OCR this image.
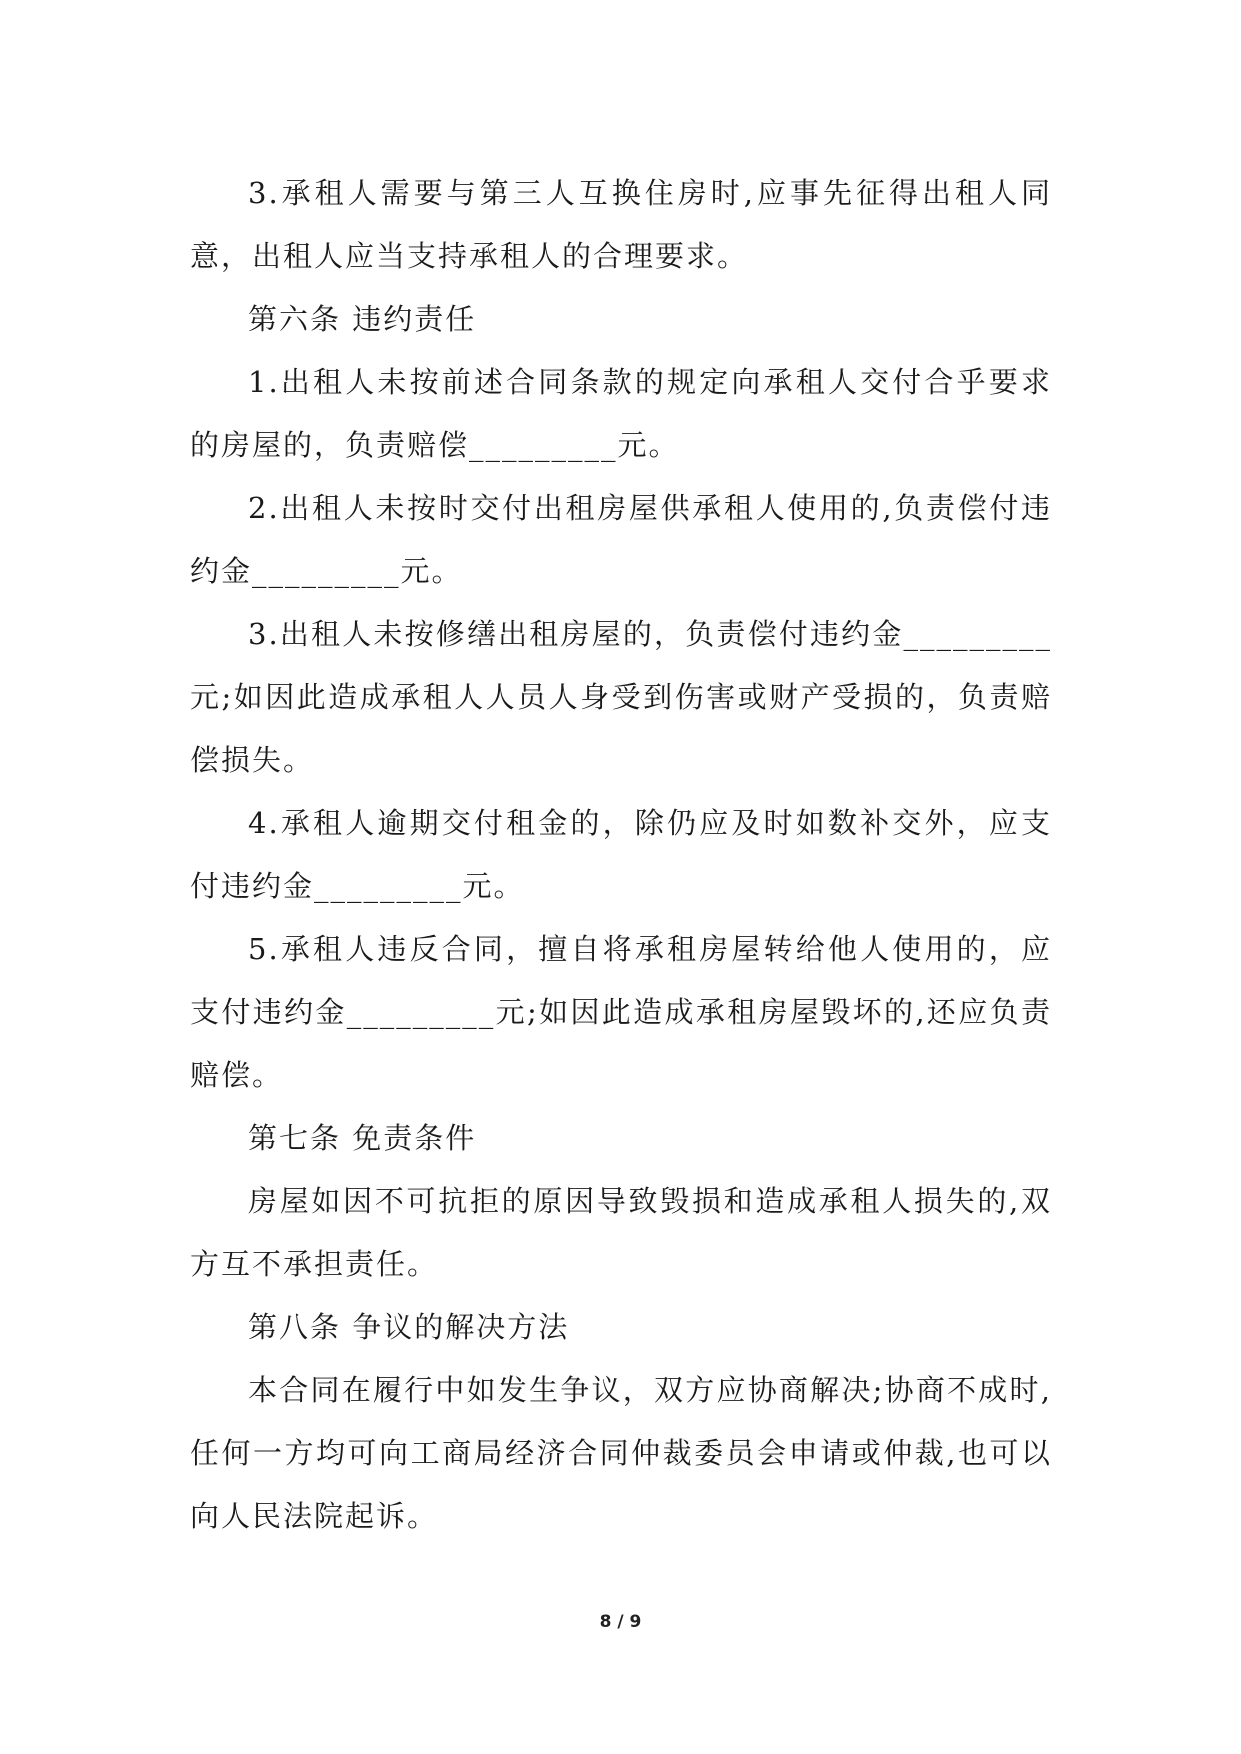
3.承租人需要与第三人互换住房时,应事先征得出租人同意，出租人应当支持承租人的合理要求。

第六条 违约责任

1.出租人未按前述合同条款的规定向承租人交付合乎要求的房屋的，负责赔偿_________元。

2.出租人未按时交付出租房屋供承租人使用的,负责偿付违约金_________元。

3.出租人未按修缮出租房屋的，负责偿付违约金_________元;如因此造成承租人人员人身受到伤害或财产受损的，负责赔偿损失。

4.承租人逾期交付租金的，除仍应及时如数补交外，应支付违约金_________元。

5.承租人违反合同，擅自将承租房屋转给他人使用的，应支付违约金_________元;如因此造成承租房屋毁坏的,还应负责赔偿。

第七条 免责条件

房屋如因不可抗拒的原因导致毁损和造成承租人损失的,双方互不承担责任。

第八条 争议的解决方法

本合同在履行中如发生争议，双方应协商解决;协商不成时,任何一方均可向工商局经济合同仲裁委员会申请或仲裁,也可以向人民法院起诉。

8 / 9
